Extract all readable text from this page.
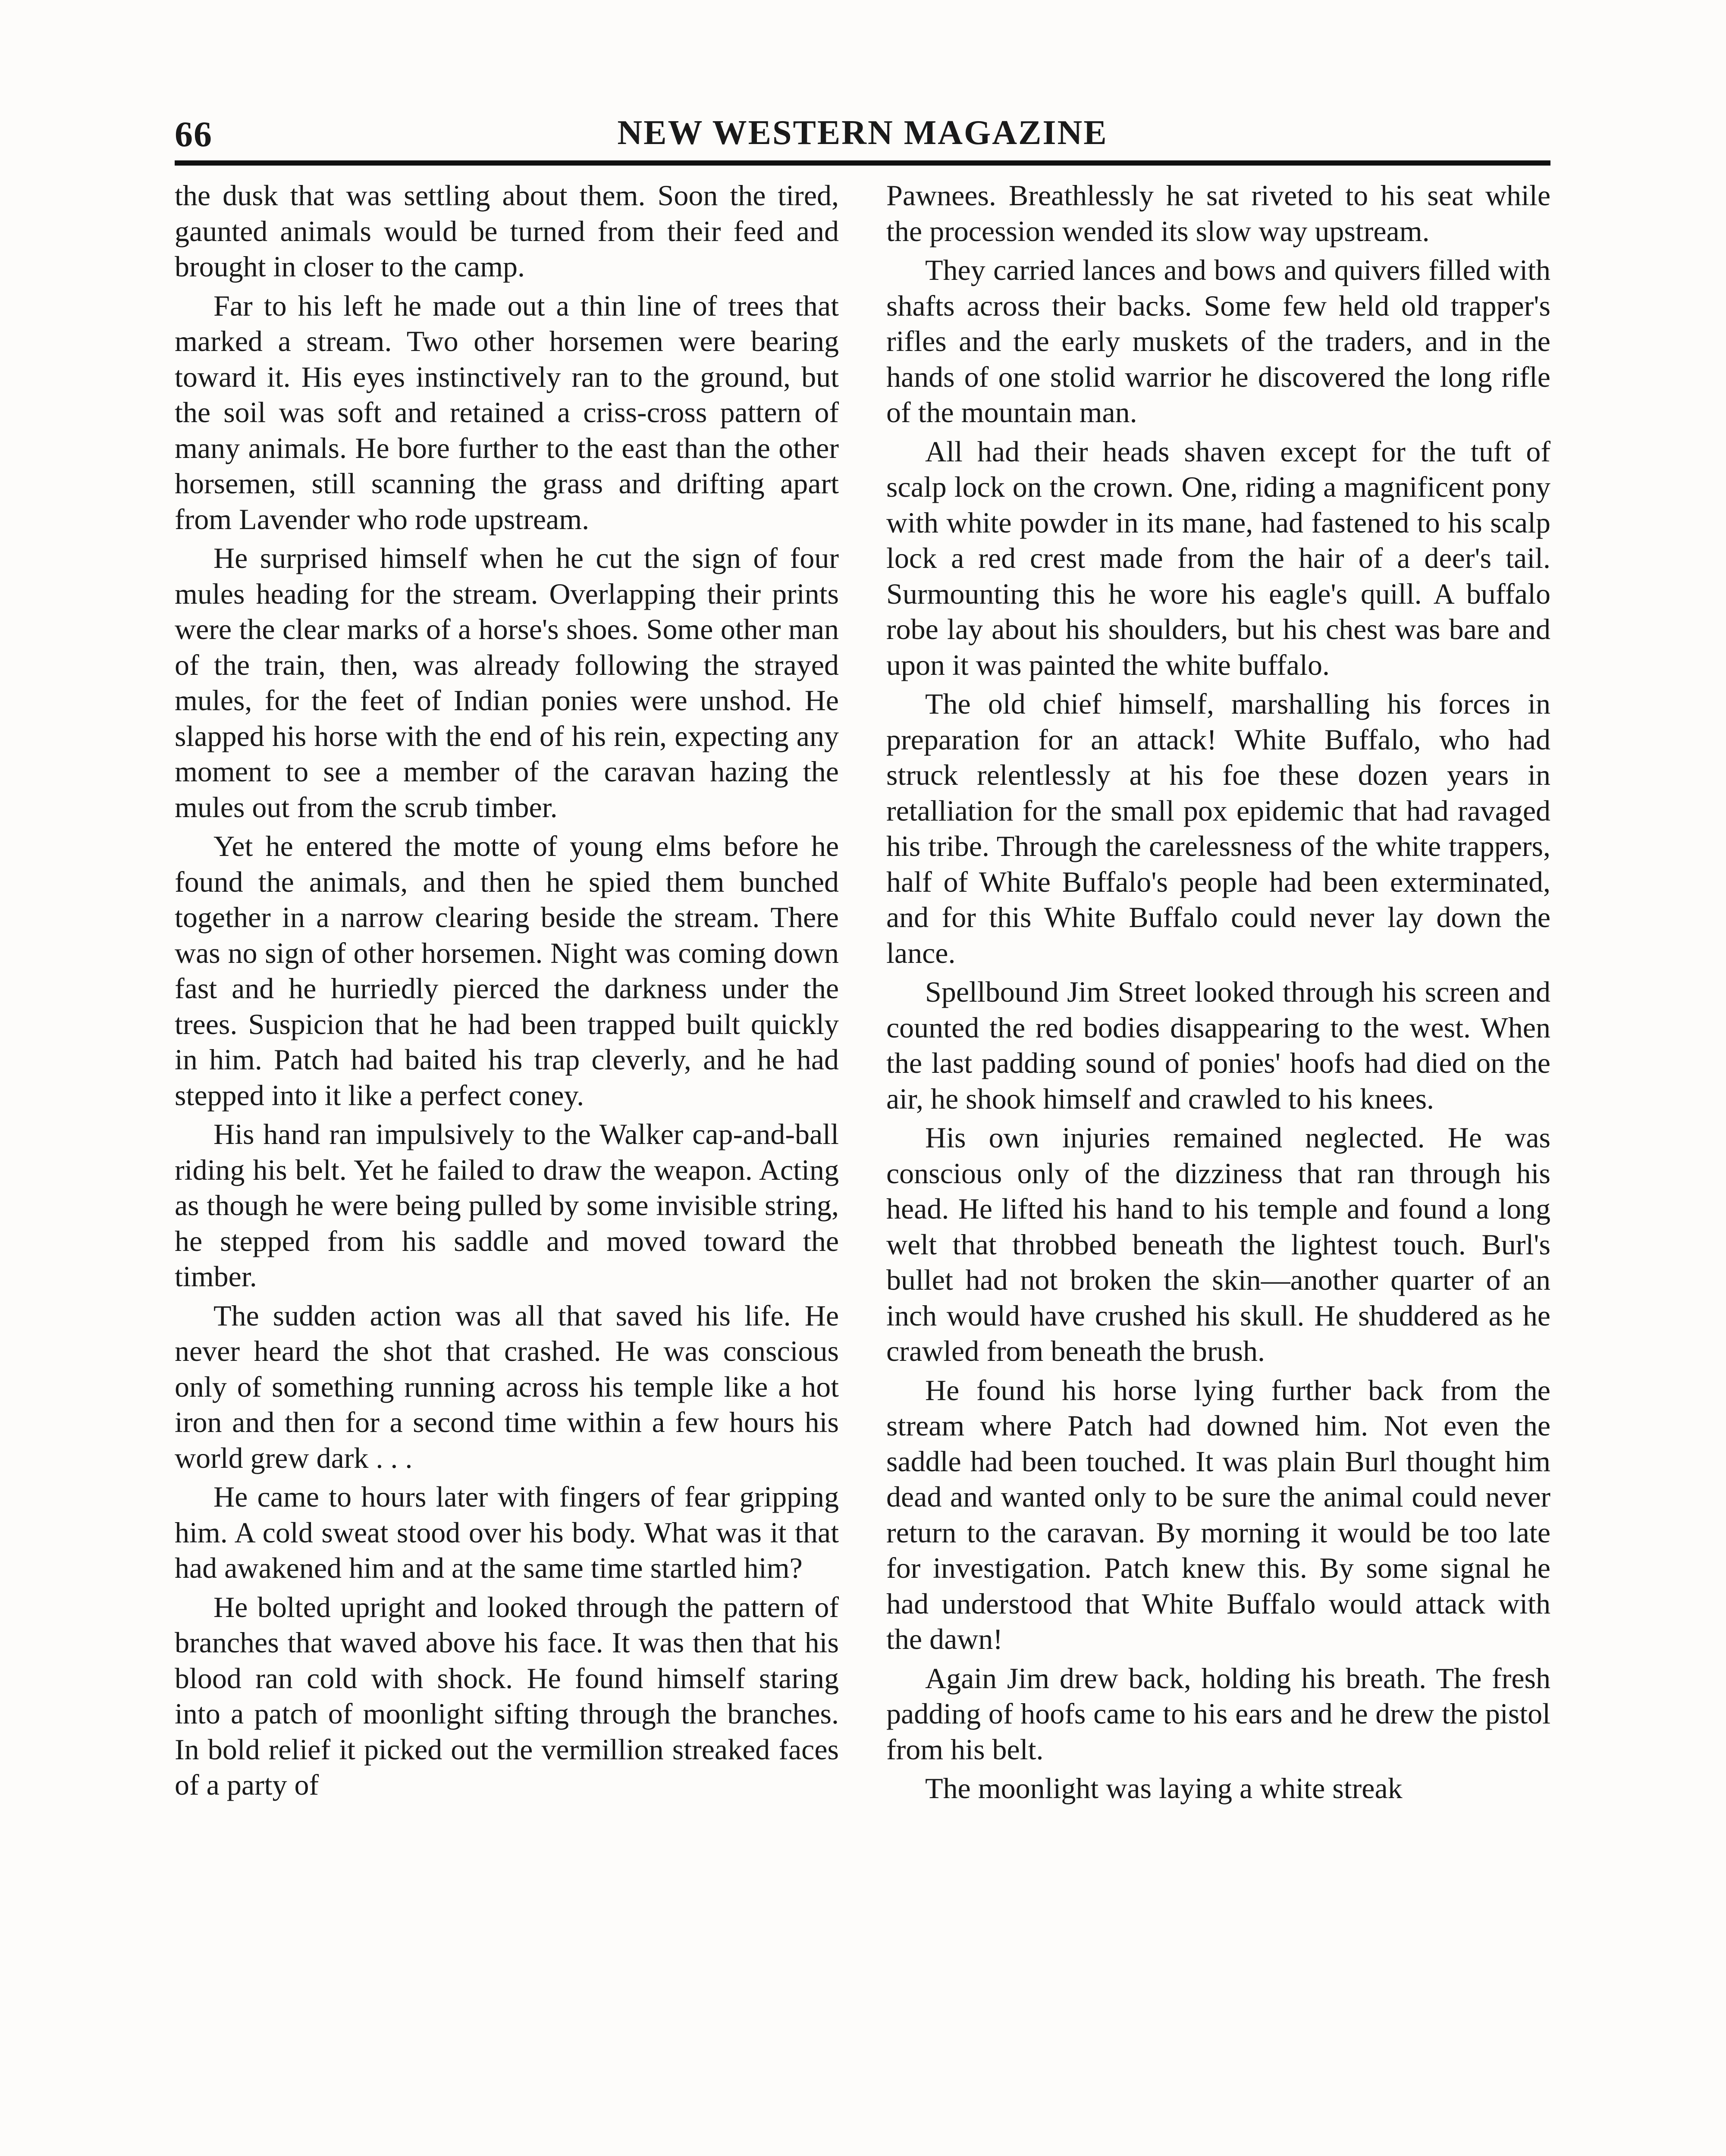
66	NEW WESTERN MAGAZINE

the dusk that was settling about them. Soon the tired, gaunted animals would be turned from their feed and brought in closer to the camp.

Far to his left he made out a thin line of trees that marked a stream. Two other horsemen were bearing toward it. His eyes instinctively ran to the ground, but the soil was soft and retained a criss-cross pattern of many animals. He bore further to the east than the other horsemen, still scanning the grass and drifting apart from Lavender who rode upstream.

He surprised himself when he cut the sign of four mules heading for the stream. Overlapping their prints were the clear marks of a horse's shoes. Some other man of the train, then, was already following the strayed mules, for the feet of Indian ponies were unshod. He slapped his horse with the end of his rein, expecting any moment to see a member of the caravan hazing the mules out from the scrub timber.

Yet he entered the motte of young elms before he found the animals, and then he spied them bunched together in a narrow clearing beside the stream. There was no sign of other horsemen. Night was coming down fast and he hurriedly pierced the darkness under the trees. Suspicion that he had been trapped built quickly in him. Patch had baited his trap cleverly, and he had stepped into it like a perfect coney.

His hand ran impulsively to the Walker cap-and-ball riding his belt. Yet he failed to draw the weapon. Acting as though he were being pulled by some invisible string, he stepped from his saddle and moved toward the timber.

The sudden action was all that saved his life. He never heard the shot that crashed. He was conscious only of something running across his temple like a hot iron and then for a second time within a few hours his world grew dark . . .

He came to hours later with fingers of fear gripping him. A cold sweat stood over his body. What was it that had awakened him and at the same time startled him?

He bolted upright and looked through the pattern of branches that waved above his face. It was then that his blood ran cold with shock. He found himself staring into a patch of moonlight sifting through the branches. In bold relief it picked out the vermillion streaked faces of a party of

Pawnees. Breathlessly he sat riveted to his seat while the procession wended its slow way upstream.

They carried lances and bows and quivers filled with shafts across their backs. Some few held old trapper's rifles and the early muskets of the traders, and in the hands of one stolid warrior he discovered the long rifle of the mountain man.

All had their heads shaven except for the tuft of scalp lock on the crown. One, riding a magnificent pony with white powder in its mane, had fastened to his scalp lock a red crest made from the hair of a deer's tail. Surmounting this he wore his eagle's quill. A buffalo robe lay about his shoulders, but his chest was bare and upon it was painted the white buffalo.

The old chief himself, marshalling his forces in preparation for an attack! White Buffalo, who had struck relentlessly at his foe these dozen years in retalliation for the small pox epidemic that had ravaged his tribe. Through the carelessness of the white trappers, half of White Buffalo's people had been exterminated, and for this White Buffalo could never lay down the lance.

Spellbound Jim Street looked through his screen and counted the red bodies disappearing to the west. When the last padding sound of ponies' hoofs had died on the air, he shook himself and crawled to his knees.

His own injuries remained neglected. He was conscious only of the dizziness that ran through his head. He lifted his hand to his temple and found a long welt that throbbed beneath the lightest touch. Burl's bullet had not broken the skin—another quarter of an inch would have crushed his skull. He shuddered as he crawled from beneath the brush.

He found his horse lying further back from the stream where Patch had downed him. Not even the saddle had been touched. It was plain Burl thought him dead and wanted only to be sure the animal could never return to the caravan. By morning it would be too late for investigation. Patch knew this. By some signal he had understood that White Buffalo would attack with the dawn!

Again Jim drew back, holding his breath. The fresh padding of hoofs came to his ears and he drew the pistol from his belt.

The moonlight was laying a white streak
